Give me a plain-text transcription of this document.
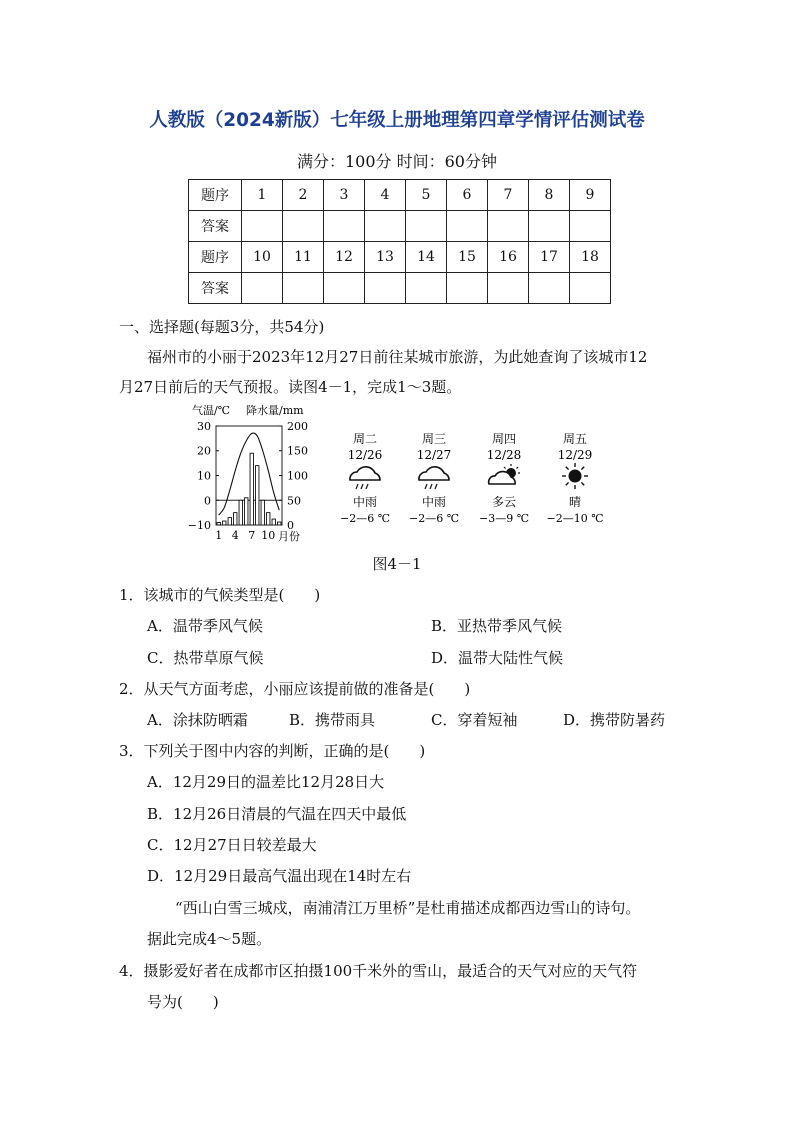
人教版（2024新版）七年级上册地理第四章学情评估测试卷
满分：100分 时间：60分钟
题序	1	2	3	4	5	6	7	8	9
答案									
题序	10	11	12	13	14	15	16	17	18
答案									
一、选择题(每题3分，共54分)
福州市的小丽于2023年12月27日前往某城市旅游，为此她查询了该城市12
月27日前后的天气预报。读图4－1，完成1～3题。
气温/℃ 降水量/mm
30
20
10
0
−10
200
150
100
50
0
1 4 7 10 月份
周二
12/26
中雨
−2—6 ℃
周三
12/27
中雨
−2—6 ℃
周四
12/28
多云
−3—9 ℃
周五
12/29
晴
−2—10 ℃
图4－1
1．该城市的气候类型是(　　)
A．温带季风气候	B．亚热带季风气候
C．热带草原气候	D．温带大陆性气候
2．从天气方面考虑，小丽应该提前做的准备是(　　)
A．涂抹防晒霜	B．携带雨具	C．穿着短袖	D．携带防暑药
3．下列关于图中内容的判断，正确的是(　　)
A．12月29日的温差比12月28日大
B．12月26日清晨的气温在四天中最低
C．12月27日日较差最大
D．12月29日最高气温出现在14时左右
“西山白雪三城戍，南浦清江万里桥”是杜甫描述成都西边雪山的诗句。
据此完成4～5题。
4．摄影爱好者在成都市区拍摄100千米外的雪山，最适合的天气对应的天气符
号为(　　)
